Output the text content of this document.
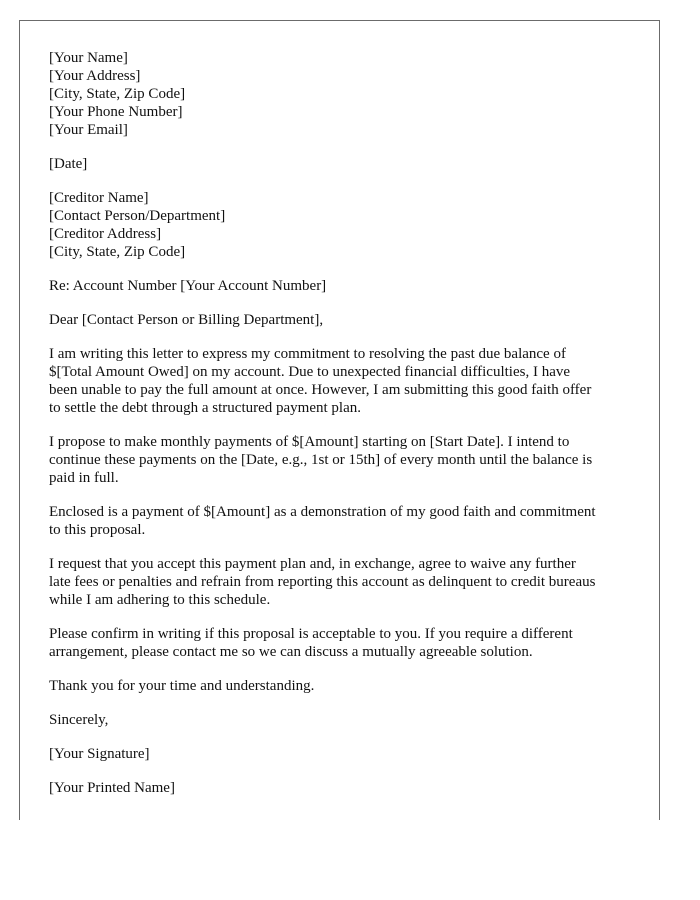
[Your Name]
[Your Address]
[City, State, Zip Code]
[Your Phone Number]
[Your Email]

[Date]

[Creditor Name]
[Contact Person/Department]
[Creditor Address]
[City, State, Zip Code]

Re: Account Number [Your Account Number]

Dear [Contact Person or Billing Department],

I am writing this letter to express my commitment to resolving the past due balance of
$[Total Amount Owed] on my account. Due to unexpected financial difficulties, I have
been unable to pay the full amount at once. However, I am submitting this good faith offer
to settle the debt through a structured payment plan.

I propose to make monthly payments of $[Amount] starting on [Start Date]. I intend to
continue these payments on the [Date, e.g., 1st or 15th] of every month until the balance is
paid in full.

Enclosed is a payment of $[Amount] as a demonstration of my good faith and commitment
to this proposal.

I request that you accept this payment plan and, in exchange, agree to waive any further
late fees or penalties and refrain from reporting this account as delinquent to credit bureaus
while I am adhering to this schedule.

Please confirm in writing if this proposal is acceptable to you. If you require a different
arrangement, please contact me so we can discuss a mutually agreeable solution.

Thank you for your time and understanding.

Sincerely,

[Your Signature]

[Your Printed Name]
